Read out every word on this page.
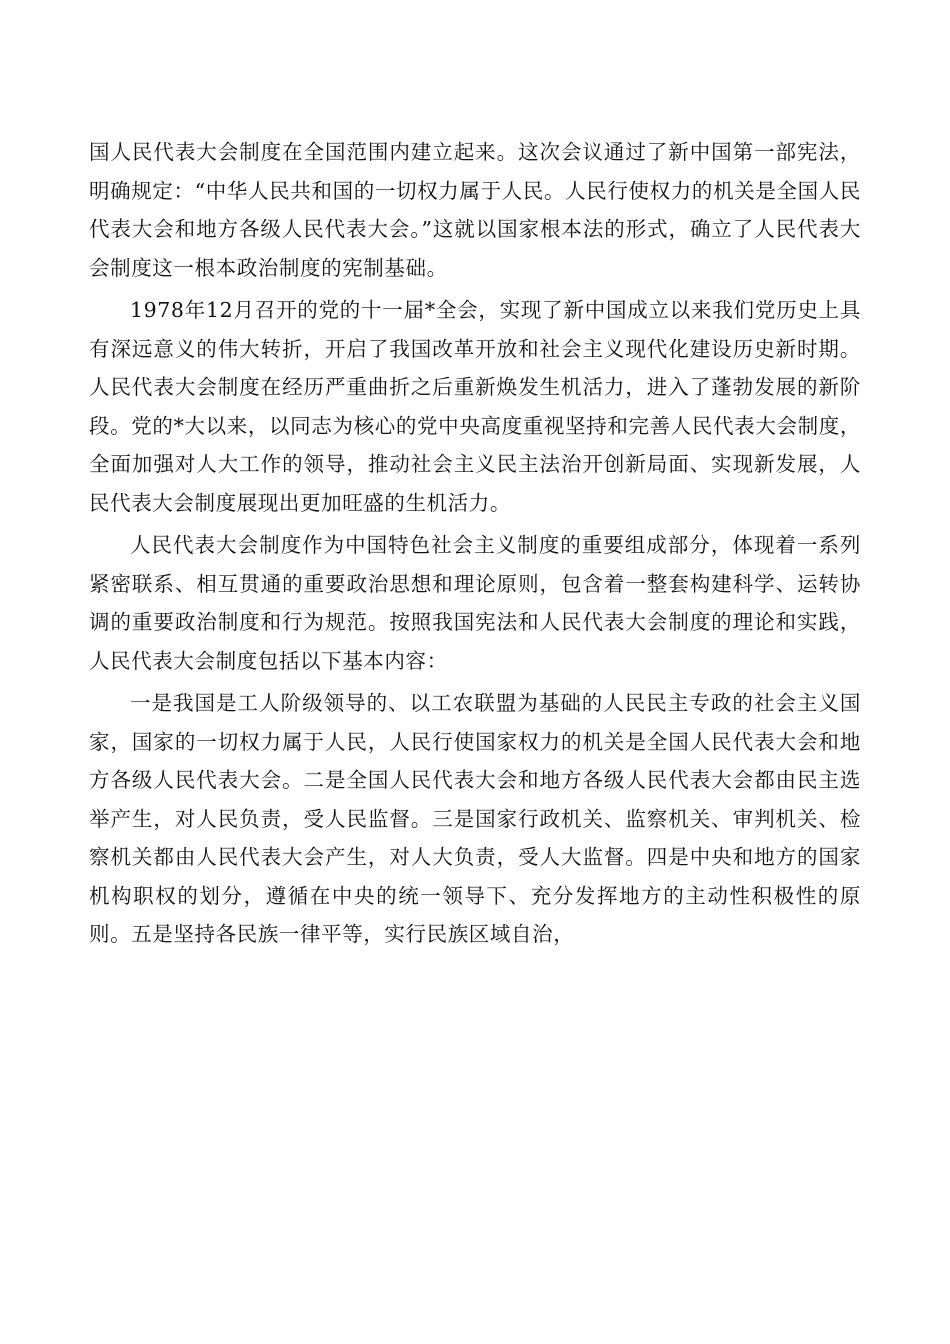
国人民代表大会制度在全国范围内建立起来。这次会议通过了新中国第一部宪法，明确规定：“中华人民共和国的一切权力属于人民。人民行使权力的机关是全国人民代表大会和地方各级人民代表大会。”这就以国家根本法的形式，确立了人民代表大会制度这一根本政治制度的宪制基础。

1978年12月召开的党的十一届*全会，实现了新中国成立以来我们党历史上具有深远意义的伟大转折，开启了我国改革开放和社会主义现代化建设历史新时期。人民代表大会制度在经历严重曲折之后重新焕发生机活力，进入了蓬勃发展的新阶段。党的*大以来，以同志为核心的党中央高度重视坚持和完善人民代表大会制度，全面加强对人大工作的领导，推动社会主义民主法治开创新局面、实现新发展，人民代表大会制度展现出更加旺盛的生机活力。

人民代表大会制度作为中国特色社会主义制度的重要组成部分，体现着一系列紧密联系、相互贯通的重要政治思想和理论原则，包含着一整套构建科学、运转协调的重要政治制度和行为规范。按照我国宪法和人民代表大会制度的理论和实践，人民代表大会制度包括以下基本内容：

一是我国是工人阶级领导的、以工农联盟为基础的人民民主专政的社会主义国家，国家的一切权力属于人民，人民行使国家权力的机关是全国人民代表大会和地方各级人民代表大会。二是全国人民代表大会和地方各级人民代表大会都由民主选举产生，对人民负责，受人民监督。三是国家行政机关、监察机关、审判机关、检察机关都由人民代表大会产生，对人大负责，受人大监督。四是中央和地方的国家机构职权的划分，遵循在中央的统一领导下、充分发挥地方的主动性积极性的原则。五是坚持各民族一律平等，实行民族区域自治，
